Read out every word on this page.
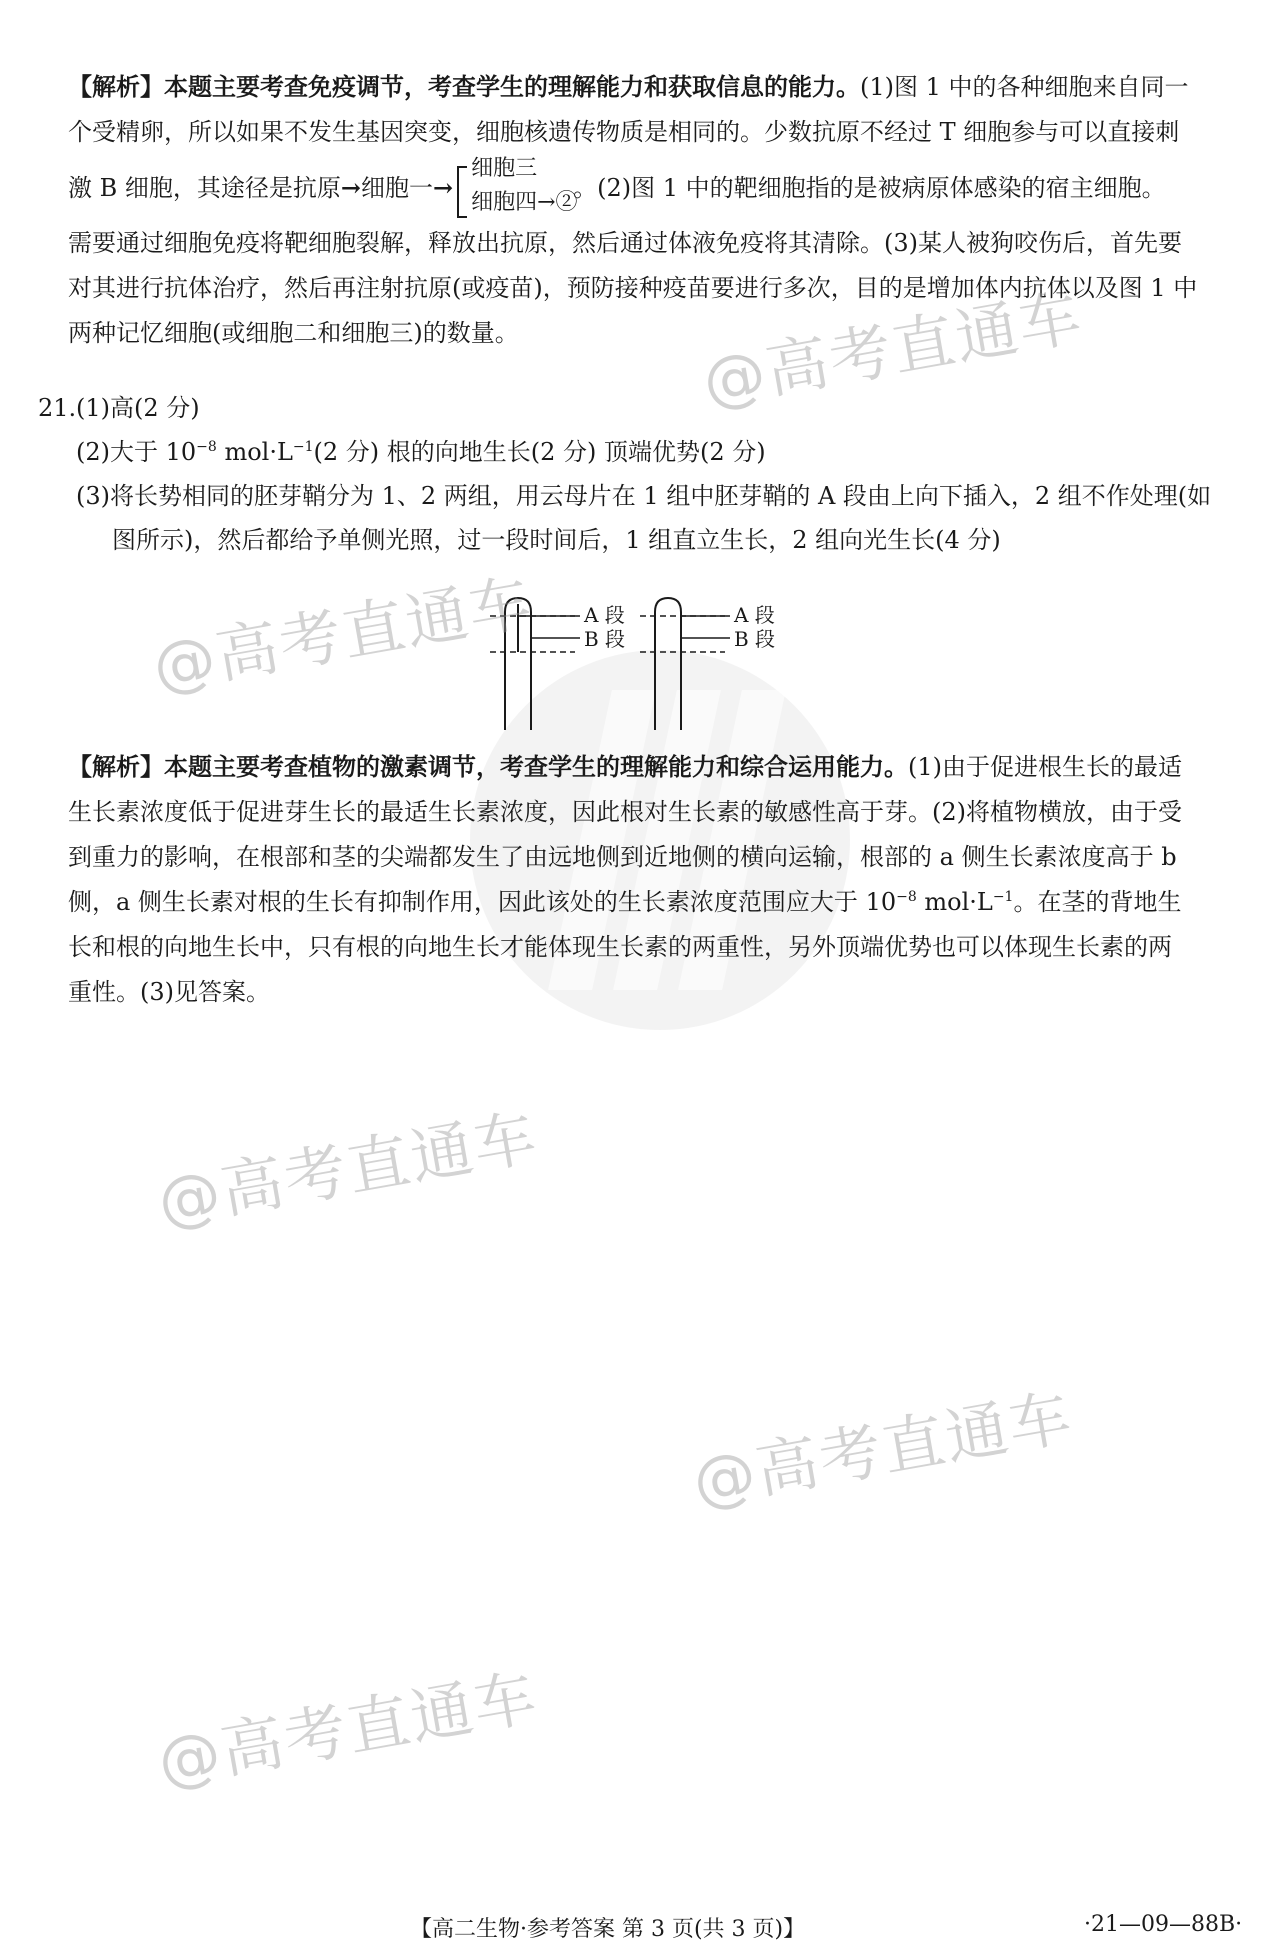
【解析】本题主要考查免疫调节，考查学生的理解能力和获取信息的能力。(1)图 1 中的各种细胞来自同一
个受精卵，所以如果不发生基因突变，细胞核遗传物质是相同的。少数抗原不经过 T 细胞参与可以直接刺
激 B 细胞，其途径是抗原→细胞一→
细胞三
细胞四→②
。(2)图 1 中的靶细胞指的是被病原体感染的宿主细胞。
需要通过细胞免疫将靶细胞裂解，释放出抗原，然后通过体液免疫将其清除。(3)某人被狗咬伤后，首先要
对其进行抗体治疗，然后再注射抗原(或疫苗)，预防接种疫苗要进行多次，目的是增加体内抗体以及图 1 中
两种记忆细胞(或细胞二和细胞三)的数量。
21. (1)高(2 分)
(2)大于 $10^{-8}$ $mol\cdot L^{-1}(2$ 分) 根的向地生长(2 分) 顶端优势(2 分)
(3)将长势相同的胚芽鞘分为 1、2 两组，用云母片在 1 组中胚芽鞘的 A 段由上向下插入，2 组不作处理(如
图所示)，然后都给予单侧光照，过一段时间后，1 组直立生长，2 组向光生长(4 分)
A 段
B 段
A 段
B 段
【解析】本题主要考查植物的激素调节，考查学生的理解能力和综合运用能力。(1)由于促进根生长的最适
生长素浓度低于促进芽生长的最适生长素浓度，因此根对生长素的敏感性高于芽。(2)将植物横放，由于受
到重力的影响，在根部和茎的尖端都发生了由远地侧到近地侧的横向运输，根部的 a 侧生长素浓度高于 b
侧，a 侧生长素对根的生长有抑制作用，因此该处的生长素浓度范围应大于 $10^{-8}$ $mol\cdot L^{-1}$。在茎的背地生
长和根的向地生长中，只有根的向地生长才能体现生长素的两重性，另外顶端优势也可以体现生长素的两
重性。(3)见答案。
@高考直通车
@高考直通车
@高考直通车
@高考直通车
@高考直通车
【高二生物·参考答案 第 3 页(共 3 页)】	·21—09—88B·
